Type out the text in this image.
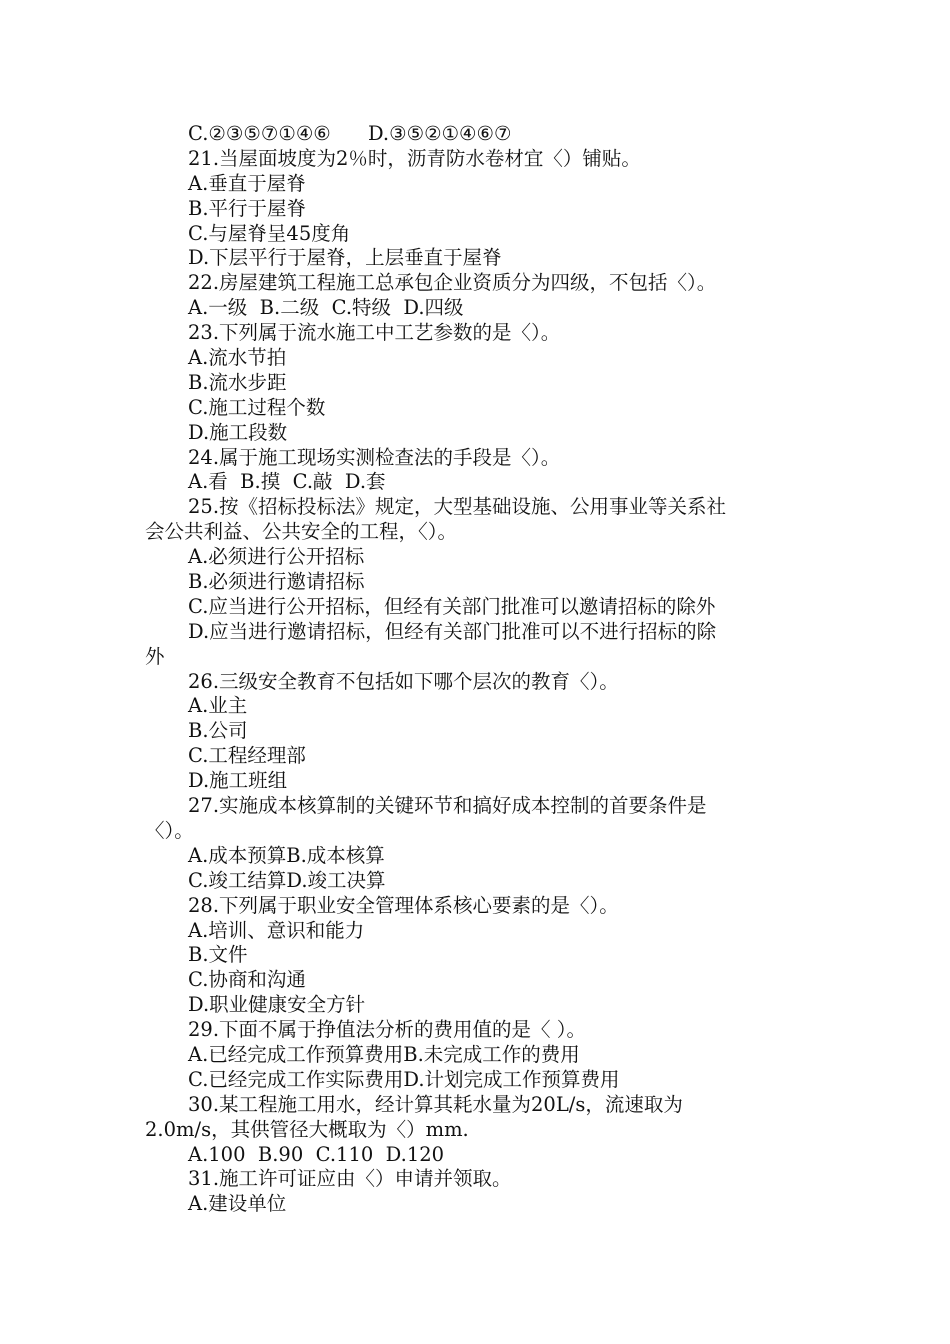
C.②③⑤⑦①④⑥      D.③⑤②①④⑥⑦
21.当屋面坡度为2％时，沥青防水卷材宜〈）铺贴。
A.垂直于屋脊
B.平行于屋脊
C.与屋脊呈45度角
D.下层平行于屋脊，上层垂直于屋脊
22.房屋建筑工程施工总承包企业资质分为四级，不包括〈）。
A.一级  B.二级  C.特级  D.四级
23.下列属于流水施工中工艺参数的是〈）。
A.流水节拍
B.流水步距
C.施工过程个数
D.施工段数
24.属于施工现场实测检查法的手段是〈）。
A.看  B.摸  C.敲  D.套
25.按《招标投标法》规定，大型基础设施、公用事业等关系社
会公共利益、公共安全的工程，〈）。
A.必须进行公开招标
B.必须进行邀请招标
C.应当进行公开招标，但经有关部门批准可以邀请招标的除外
D.应当进行邀请招标，但经有关部门批准可以不进行招标的除
外
26.三级安全教育不包括如下哪个层次的教育〈）。
A.业主
B.公司
C.工程经理部
D.施工班组
27.实施成本核算制的关键环节和搞好成本控制的首要条件是
〈）。
A.成本预算B.成本核算
C.竣工结算D.竣工决算
28.下列属于职业安全管理体系核心要素的是〈）。
A.培训、意识和能力
B.文件
C.协商和沟通
D.职业健康安全方针
29.下面不属于挣值法分析的费用值的是〈 ）。
A.已经完成工作预算费用B.未完成工作的费用
C.已经完成工作实际费用D.计划完成工作预算费用
30.某工程施工用水，经计算其耗水量为20L/s，流速取为
2.0m/s，其供管径大概取为〈）mm.
A.100  B.90  C.110  D.120
31.施工许可证应由〈）申请并领取。
A.建设单位
